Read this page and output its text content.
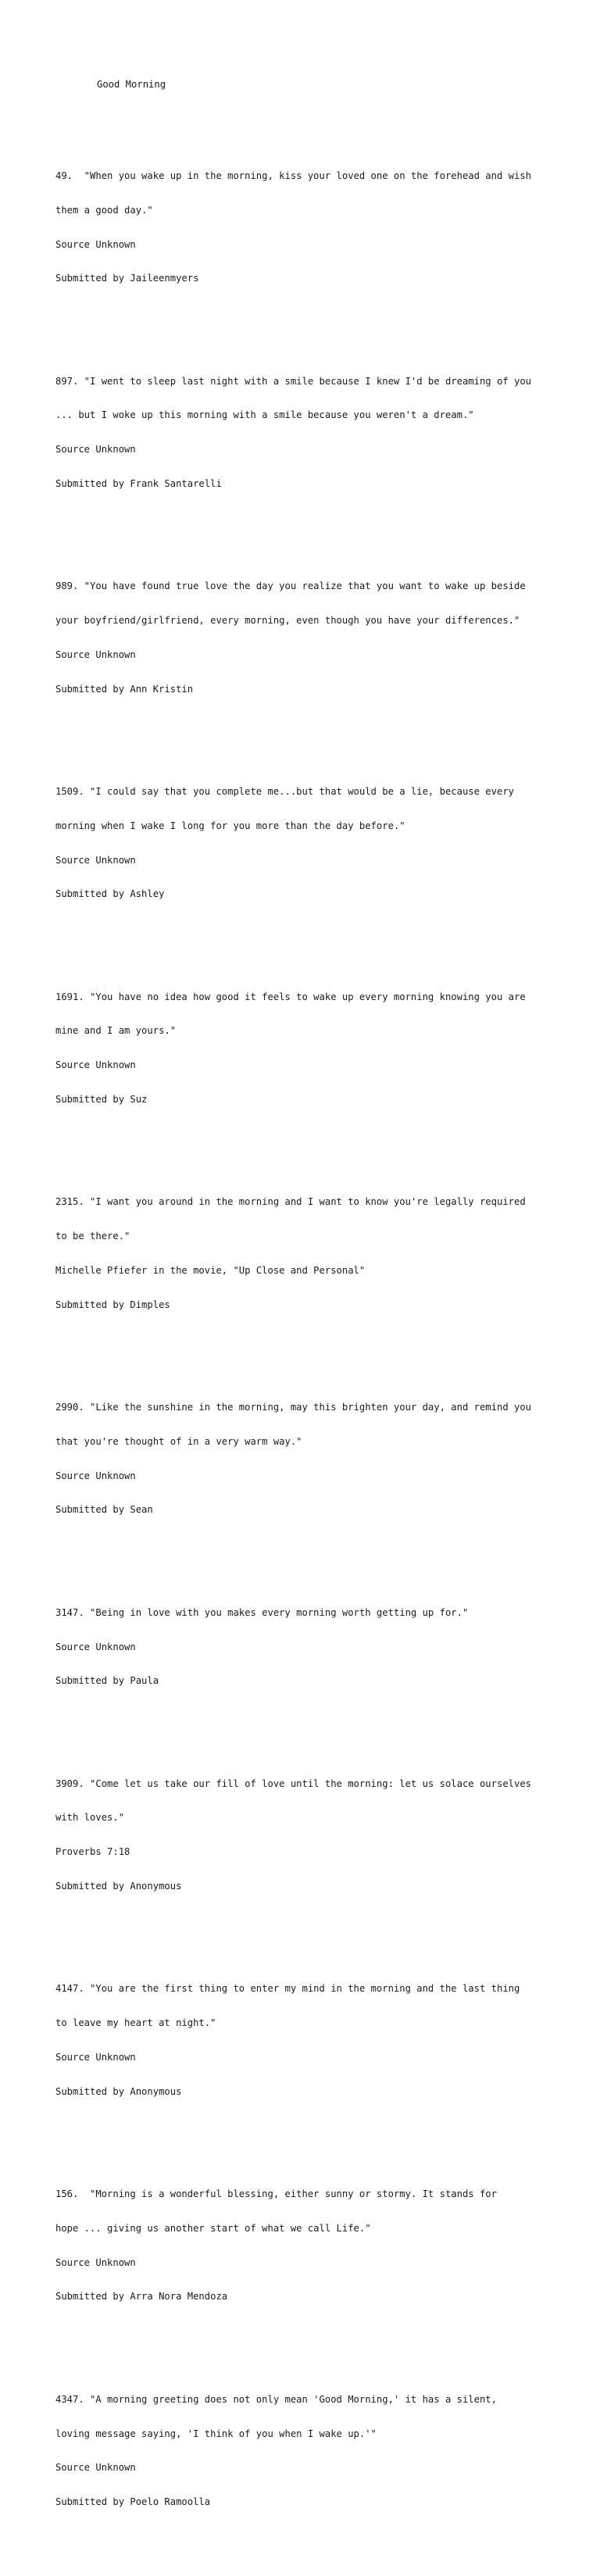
Good Morning

49.  "When you wake up in the morning, kiss your loved one on the forehead and wish

them a good day."

Source Unknown

Submitted by Jaileenmyers

897. "I went to sleep last night with a smile because I knew I'd be dreaming of you

... but I woke up this morning with a smile because you weren't a dream."

Source Unknown

Submitted by Frank Santarelli

989. "You have found true love the day you realize that you want to wake up beside

your boyfriend/girlfriend, every morning, even though you have your differences."

Source Unknown

Submitted by Ann Kristin

1509. "I could say that you complete me...but that would be a lie, because every

morning when I wake I long for you more than the day before."

Source Unknown

Submitted by Ashley

1691. "You have no idea how good it feels to wake up every morning knowing you are

mine and I am yours."

Source Unknown

Submitted by Suz

2315. "I want you around in the morning and I want to know you're legally required

to be there."

Michelle Pfiefer in the movie, "Up Close and Personal"

Submitted by Dimples

2990. "Like the sunshine in the morning, may this brighten your day, and remind you

that you're thought of in a very warm way."

Source Unknown

Submitted by Sean

3147. "Being in love with you makes every morning worth getting up for."

Source Unknown

Submitted by Paula

3909. "Come let us take our fill of love until the morning: let us solace ourselves

with loves."

Proverbs 7:18

Submitted by Anonymous

4147. "You are the first thing to enter my mind in the morning and the last thing

to leave my heart at night."

Source Unknown

Submitted by Anonymous

156.  "Morning is a wonderful blessing, either sunny or stormy. It stands for

hope ... giving us another start of what we call Life."

Source Unknown

Submitted by Arra Nora Mendoza

4347. "A morning greeting does not only mean 'Good Morning,' it has a silent,

loving message saying, 'I think of you when I wake up.'"

Source Unknown

Submitted by Poelo Ramoolla
